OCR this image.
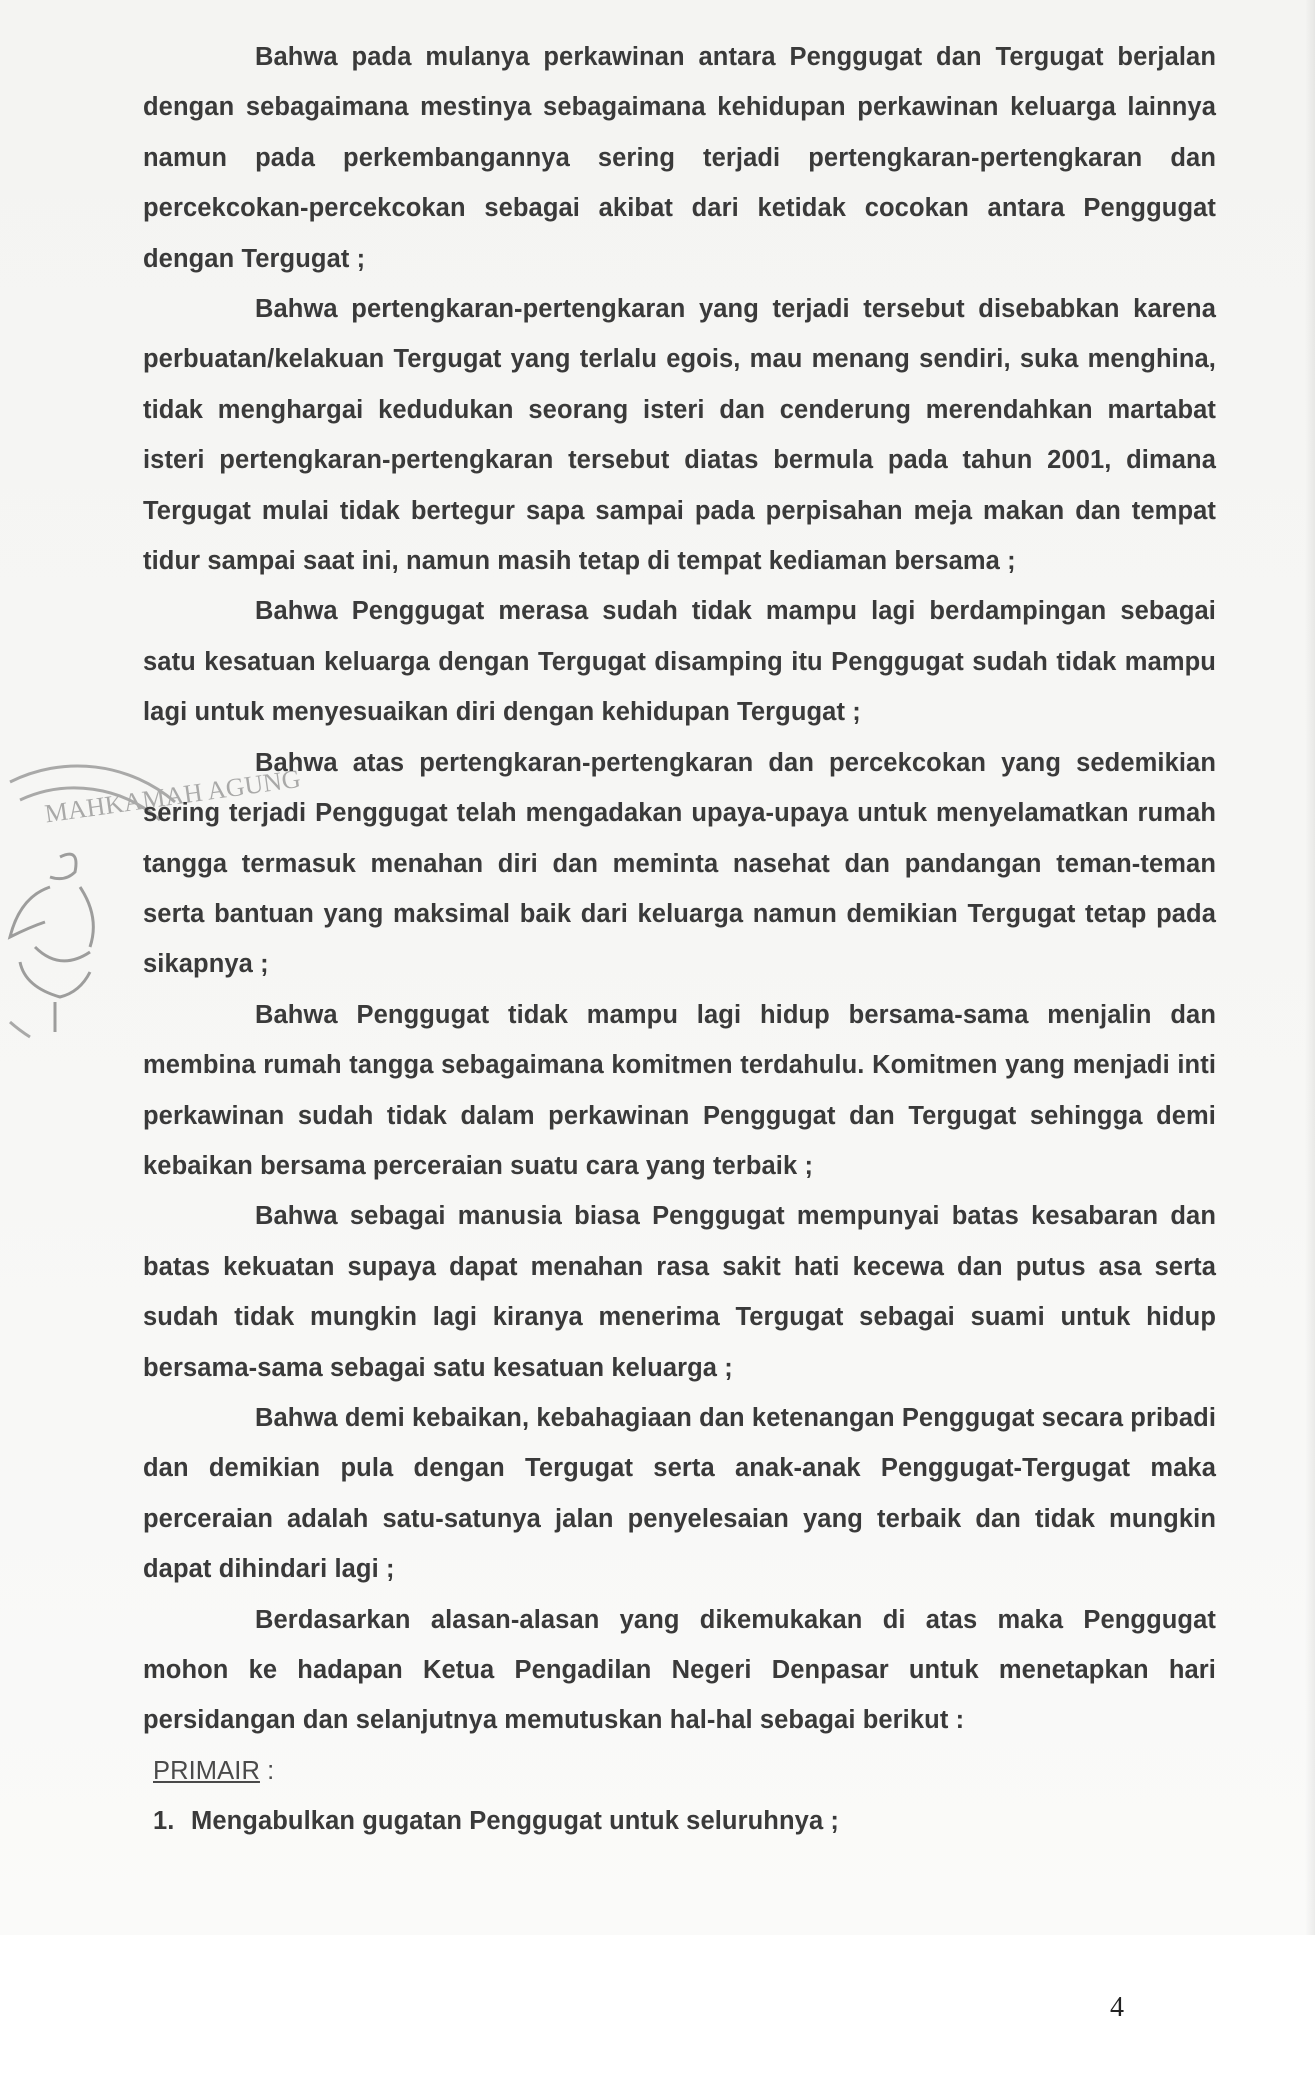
MAHKAMAH AGUNG

Bahwa pada mulanya perkawinan antara Penggugat dan Tergugat berjalan dengan sebagaimana mestinya sebagaimana kehidupan perkawinan keluarga lainnya namun pada perkembangannya sering terjadi pertengkaran-pertengkaran dan percekcokan-percekcokan sebagai akibat dari ketidak cocokan antara Penggugat dengan Tergugat ;

Bahwa pertengkaran-pertengkaran yang terjadi tersebut disebabkan karena perbuatan/kelakuan Tergugat yang terlalu egois, mau menang sendiri, suka menghina, tidak menghargai kedudukan seorang isteri dan cenderung merendahkan martabat isteri pertengkaran-pertengkaran tersebut diatas bermula pada tahun 2001, dimana Tergugat mulai tidak bertegur sapa sampai pada perpisahan meja makan dan tempat tidur sampai saat ini, namun masih tetap di tempat kediaman bersama ;

Bahwa Penggugat merasa sudah tidak mampu lagi berdampingan sebagai satu kesatuan keluarga dengan Tergugat disamping itu Penggugat sudah tidak mampu lagi untuk menyesuaikan diri dengan kehidupan Tergugat ;

Bahwa atas pertengkaran-pertengkaran dan percekcokan yang sedemikian sering terjadi Penggugat telah mengadakan upaya-upaya untuk menyelamatkan rumah tangga termasuk menahan diri dan meminta nasehat dan pandangan teman-teman serta bantuan yang maksimal baik dari keluarga namun demikian Tergugat tetap pada sikapnya ;

Bahwa Penggugat tidak mampu lagi hidup bersama-sama menjalin dan membina rumah tangga sebagaimana komitmen terdahulu. Komitmen yang menjadi inti perkawinan sudah tidak dalam perkawinan Penggugat dan Tergugat sehingga demi kebaikan bersama perceraian suatu cara yang terbaik ;

Bahwa sebagai manusia biasa Penggugat mempunyai batas kesabaran dan batas kekuatan supaya dapat menahan rasa sakit hati kecewa dan putus asa serta sudah tidak mungkin lagi kiranya menerima Tergugat sebagai suami untuk hidup bersama-sama sebagai satu kesatuan keluarga ;

Bahwa demi kebaikan, kebahagiaan dan ketenangan Penggugat secara pribadi dan demikian pula dengan Tergugat serta anak-anak Penggugat-Tergugat maka perceraian adalah satu-satunya jalan penyelesaian yang terbaik dan tidak mungkin dapat dihindari lagi ;

Berdasarkan alasan-alasan yang dikemukakan di atas maka Penggugat mohon ke hadapan Ketua Pengadilan Negeri Denpasar untuk menetapkan hari persidangan dan selanjutnya memutuskan hal-hal sebagai berikut :

PRIMAIR :

1. Mengabulkan gugatan Penggugat untuk seluruhnya ;

4
